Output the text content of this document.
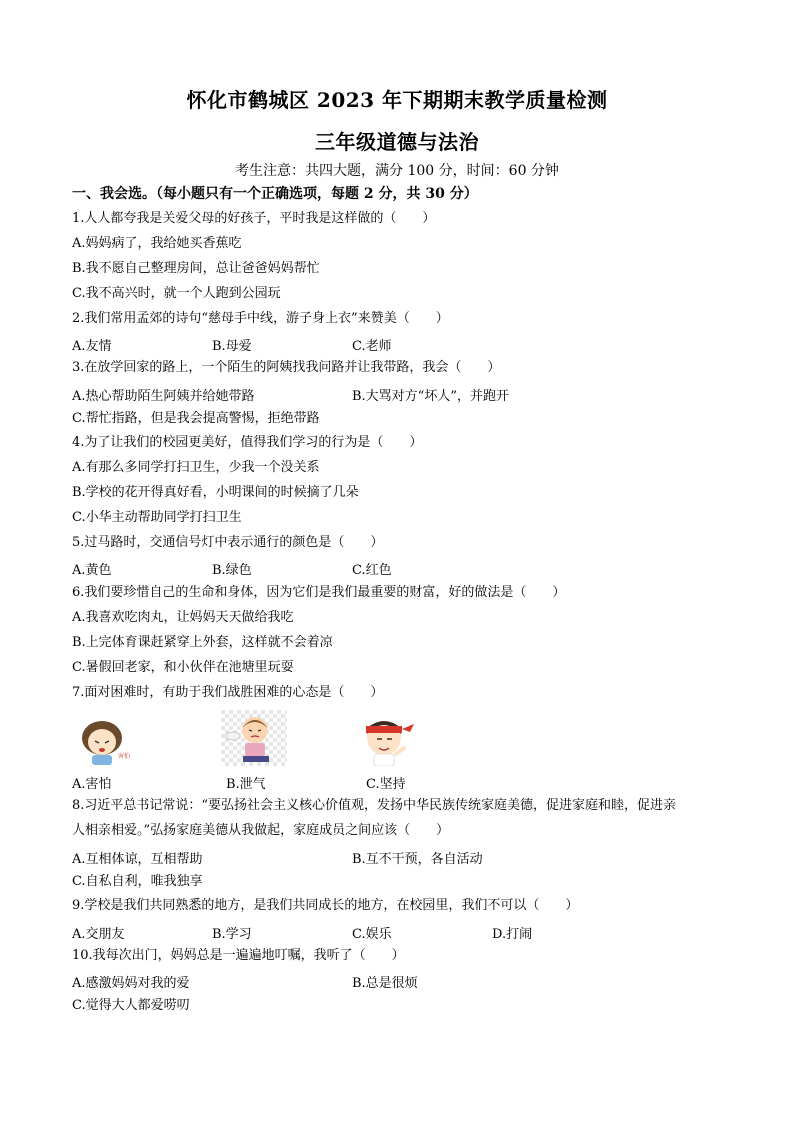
怀化市鹤城区 2023 年下期期末教学质量检测
三年级道德与法治
考生注意：共四大题，满分 100 分，时间：60 分钟
一、我会选。（每小题只有一个正确选项，每题 2 分，共 30 分）
1.人人都夸我是关爱父母的好孩子，平时我是这样做的（　　）
A.妈妈病了，我给她买香蕉吃
B.我不愿自己整理房间，总让爸爸妈妈帮忙
C.我不高兴时，就一个人跑到公园玩
2.我们常用孟郊的诗句“慈母手中线，游子身上衣”来赞美（　　）
A.友情	B.母爱	C.老师
3.在放学回家的路上，一个陌生的阿姨找我问路并让我带路，我会（　　）
A.热心帮助陌生阿姨并给她带路	B.大骂对方“坏人”，并跑开
C.帮忙指路，但是我会提高警惕，拒绝带路
4.为了让我们的校园更美好，值得我们学习的行为是（　　）
A.有那么多同学打扫卫生，少我一个没关系
B.学校的花开得真好看，小明课间的时候摘了几朵
C.小华主动帮助同学打扫卫生
5.过马路时，交通信号灯中表示通行的颜色是（　　）
A.黄色	B.绿色	C.红色
6.我们要珍惜自己的生命和身体，因为它们是我们最重要的财富，好的做法是（　　）
A.我喜欢吃肉丸，让妈妈天天做给我吃
B.上完体育课赶紧穿上外套，这样就不会着凉
C.暑假回老家，和小伙伴在池塘里玩耍
7.面对困难时，有助于我们战胜困难的心态是（　　）
害怕
A.害怕	B.泄气	C.坚持
8.习近平总书记常说：“要弘扬社会主义核心价值观，发扬中华民族传统家庭美德，促进家庭和睦，促进亲
人相亲相爱。”弘扬家庭美德从我做起，家庭成员之间应该（　　）
A.互相体谅，互相帮助	B.互不干预，各自活动
C.自私自利，唯我独享
9.学校是我们共同熟悉的地方，是我们共同成长的地方，在校园里，我们不可以（　　）
A.交朋友	B.学习	C.娱乐	D.打闹
10.我每次出门，妈妈总是一遍遍地叮嘱，我听了（　　）
A.感激妈妈对我的爱	B.总是很烦
C.觉得大人都爱唠叨
